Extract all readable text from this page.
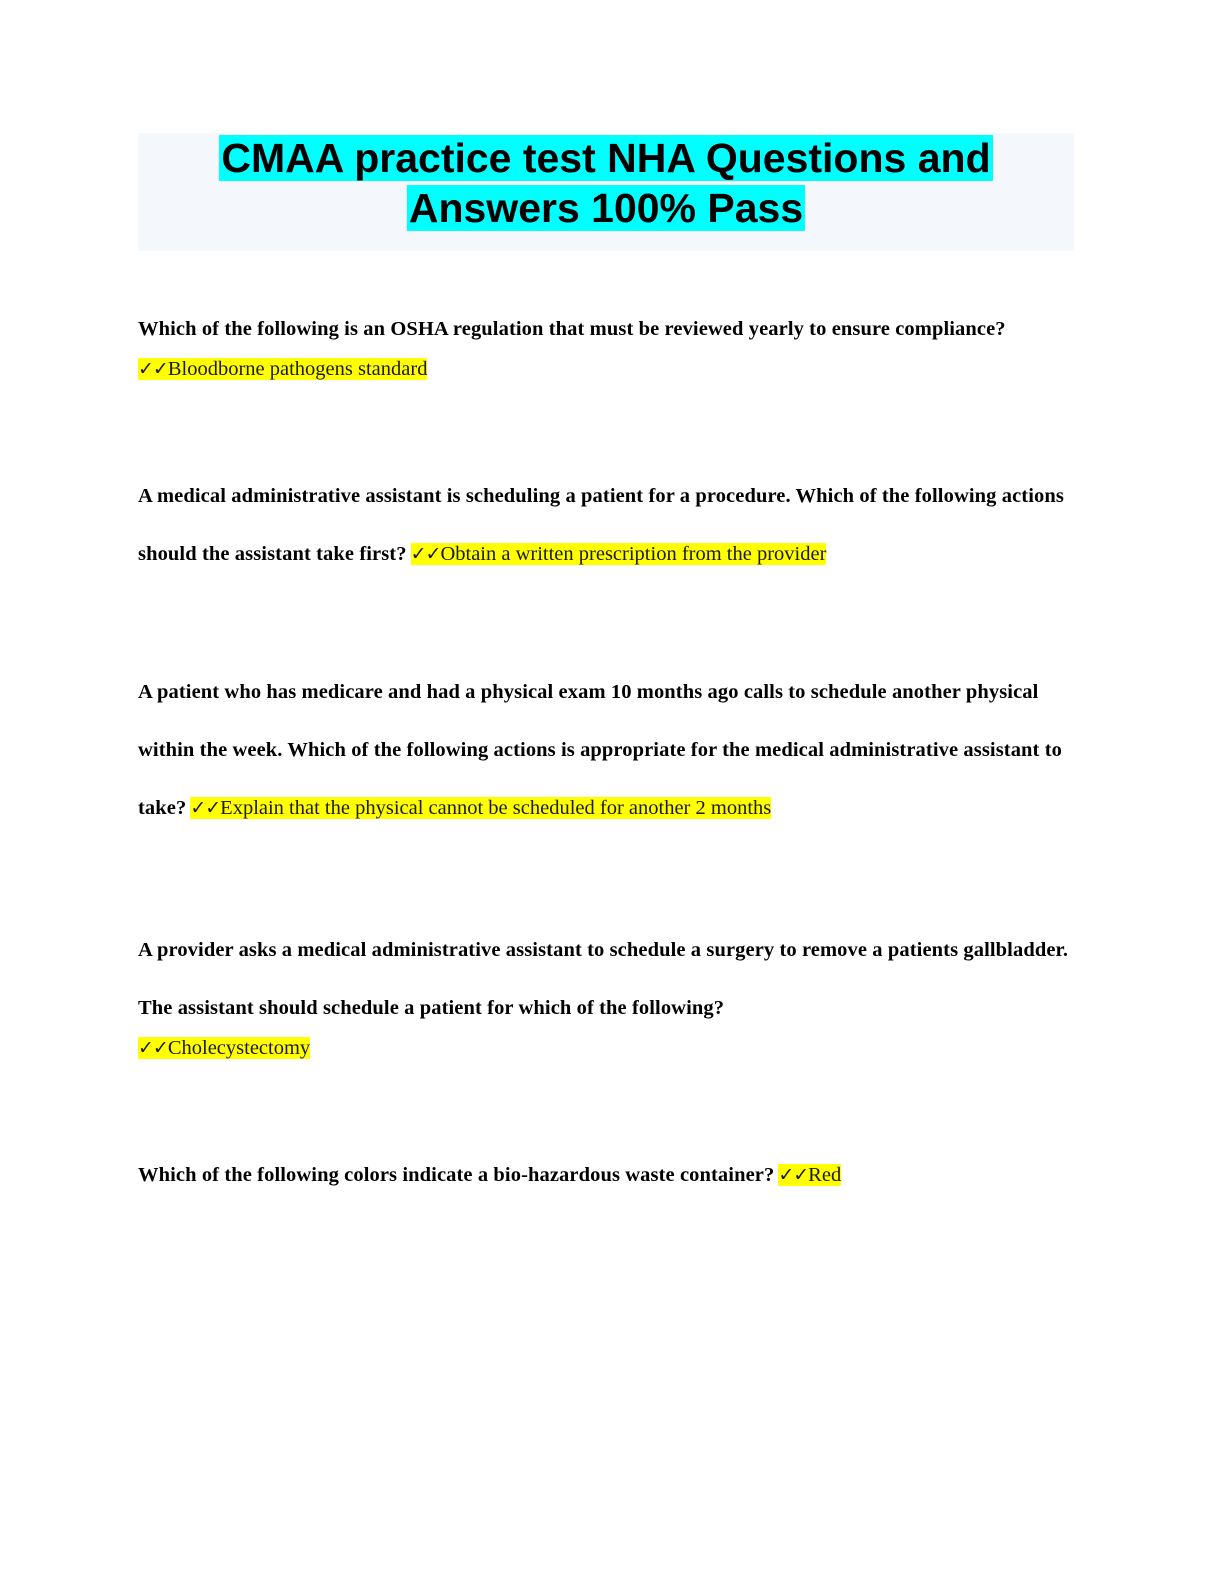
CMAA practice test NHA Questions and
Answers 100% Pass
Which of the following is an OSHA regulation that must be reviewed yearly to ensure compliance? ✓✓Bloodborne pathogens standard
A medical administrative assistant is scheduling a patient for a procedure. Which of the following actions should the assistant take first? ✓✓Obtain a written prescription from the provider
A patient who has medicare and had a physical exam 10 months ago calls to schedule another physical within the week. Which of the following actions is appropriate for the medical administrative assistant to take? ✓✓Explain that the physical cannot be scheduled for another 2 months
A provider asks a medical administrative assistant to schedule a surgery to remove a patients gallbladder. The assistant should schedule a patient for which of the following?
✓✓Cholecystectomy
Which of the following colors indicate a bio-hazardous waste container? ✓✓Red
